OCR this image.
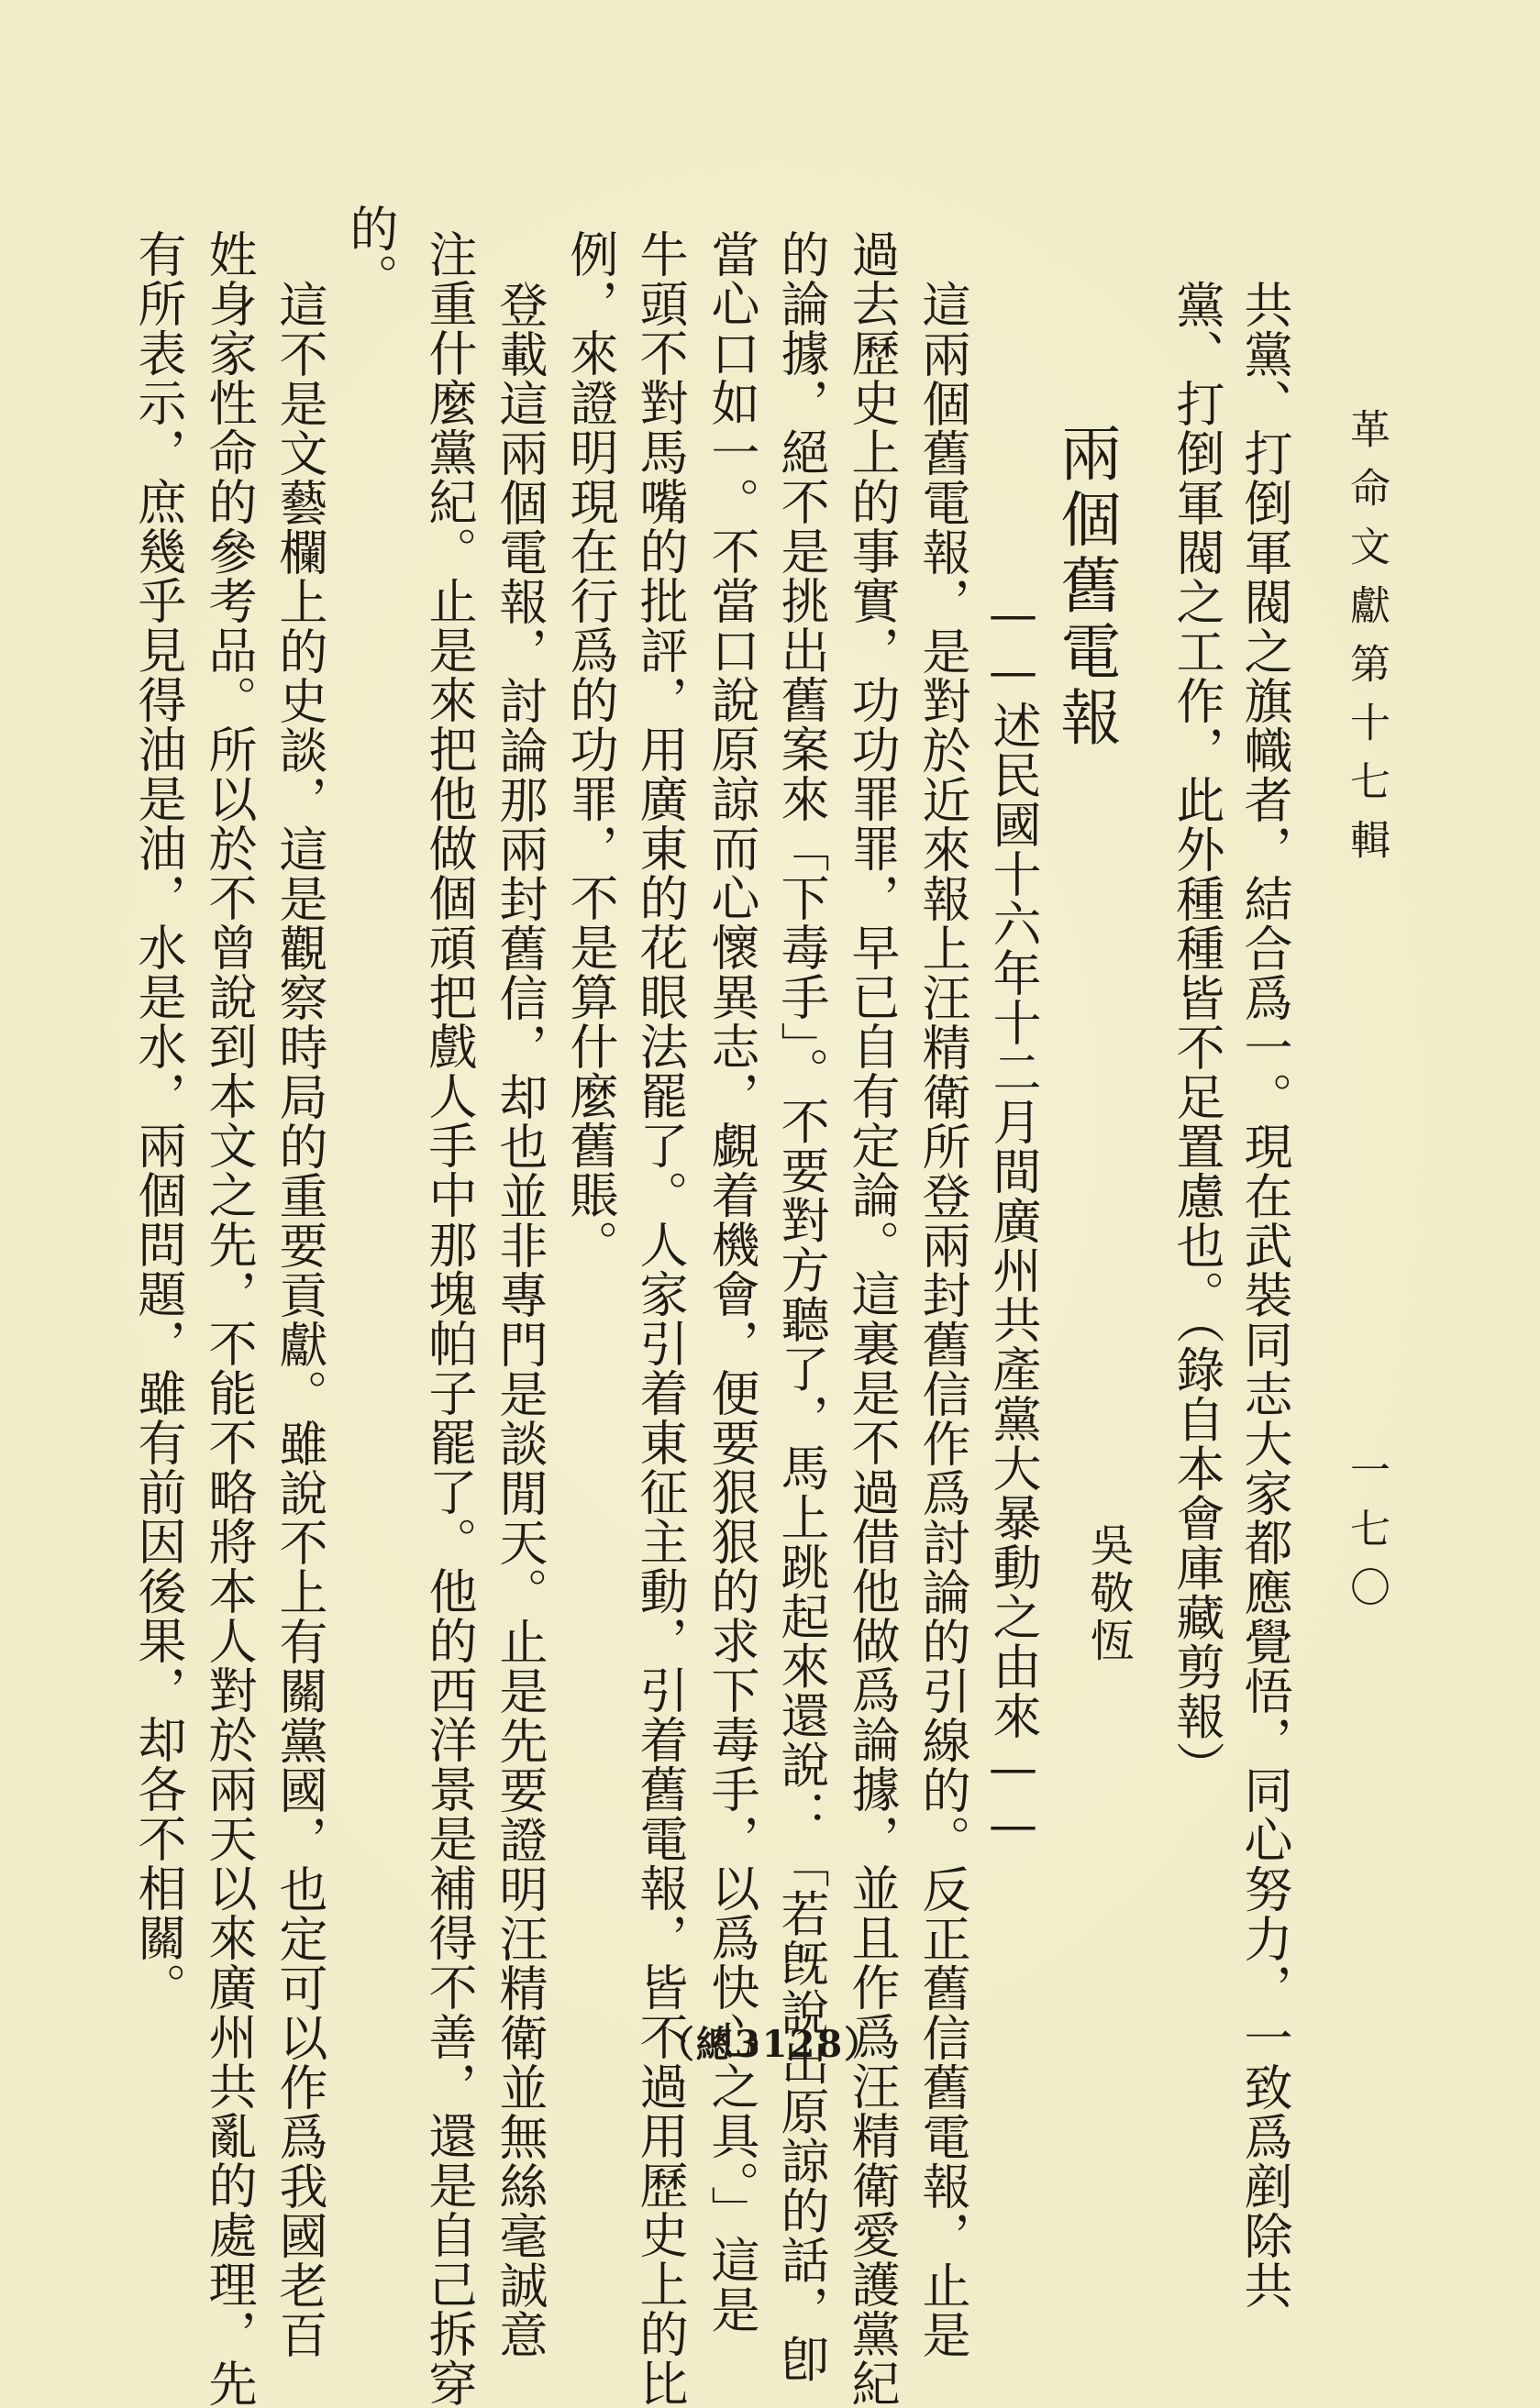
革命文獻第十七輯
一七〇
共黨、打倒軍閥之旗幟者，結合爲一。現在武裝同志大家都應覺悟，同心努力，一致爲剷除共
黨、打倒軍閥之工作，此外種種皆不足置慮也。（錄自本會庫藏剪報）
兩個舊電報
——述民國十六年十二月間廣州共產黨大暴動之由來—— 吳敬恆
這兩個舊電報，是對於近來報上汪精衛所登兩封舊信作爲討論的引線的。反正舊信舊電報，止是
過去歷史上的事實，功功罪罪，早已自有定論。這裏是不過借他做爲論據，並且作爲汪精衛愛護黨紀
的論據，絕不是挑出舊案來「下毒手」。不要對方聽了，馬上跳起來還說：「若旣說出原諒的話，卽
當心口如一。不當口說原諒而心懷異志，覷着機會，便要狠狠的求下毒手，以爲快心之具。」這是
牛頭不對馬嘴的批評，用廣東的花眼法罷了。人家引着東征主動，引着舊電報，皆不過用歷史上的比
例，來證明現在行爲的功罪，不是算什麼舊賬。
登載這兩個電報，討論那兩封舊信，却也並非專門是談閒天。止是先要證明汪精衛並無絲毫誠意
注重什麼黨紀。止是來把他做個頑把戲人手中那塊帕子罷了。他的西洋景是補得不善，還是自己拆穿
的。
這不是文藝欄上的史談，這是觀察時局的重要貢獻。雖說不上有關黨國，也定可以作爲我國老百
姓身家性命的參考品。所以於不曾說到本文之先，不能不略將本人對於兩天以來廣州共亂的處理，先
有所表示，庶幾乎見得油是油，水是水，兩個問題，雖有前因後果，却各不相關。
（總3128）
